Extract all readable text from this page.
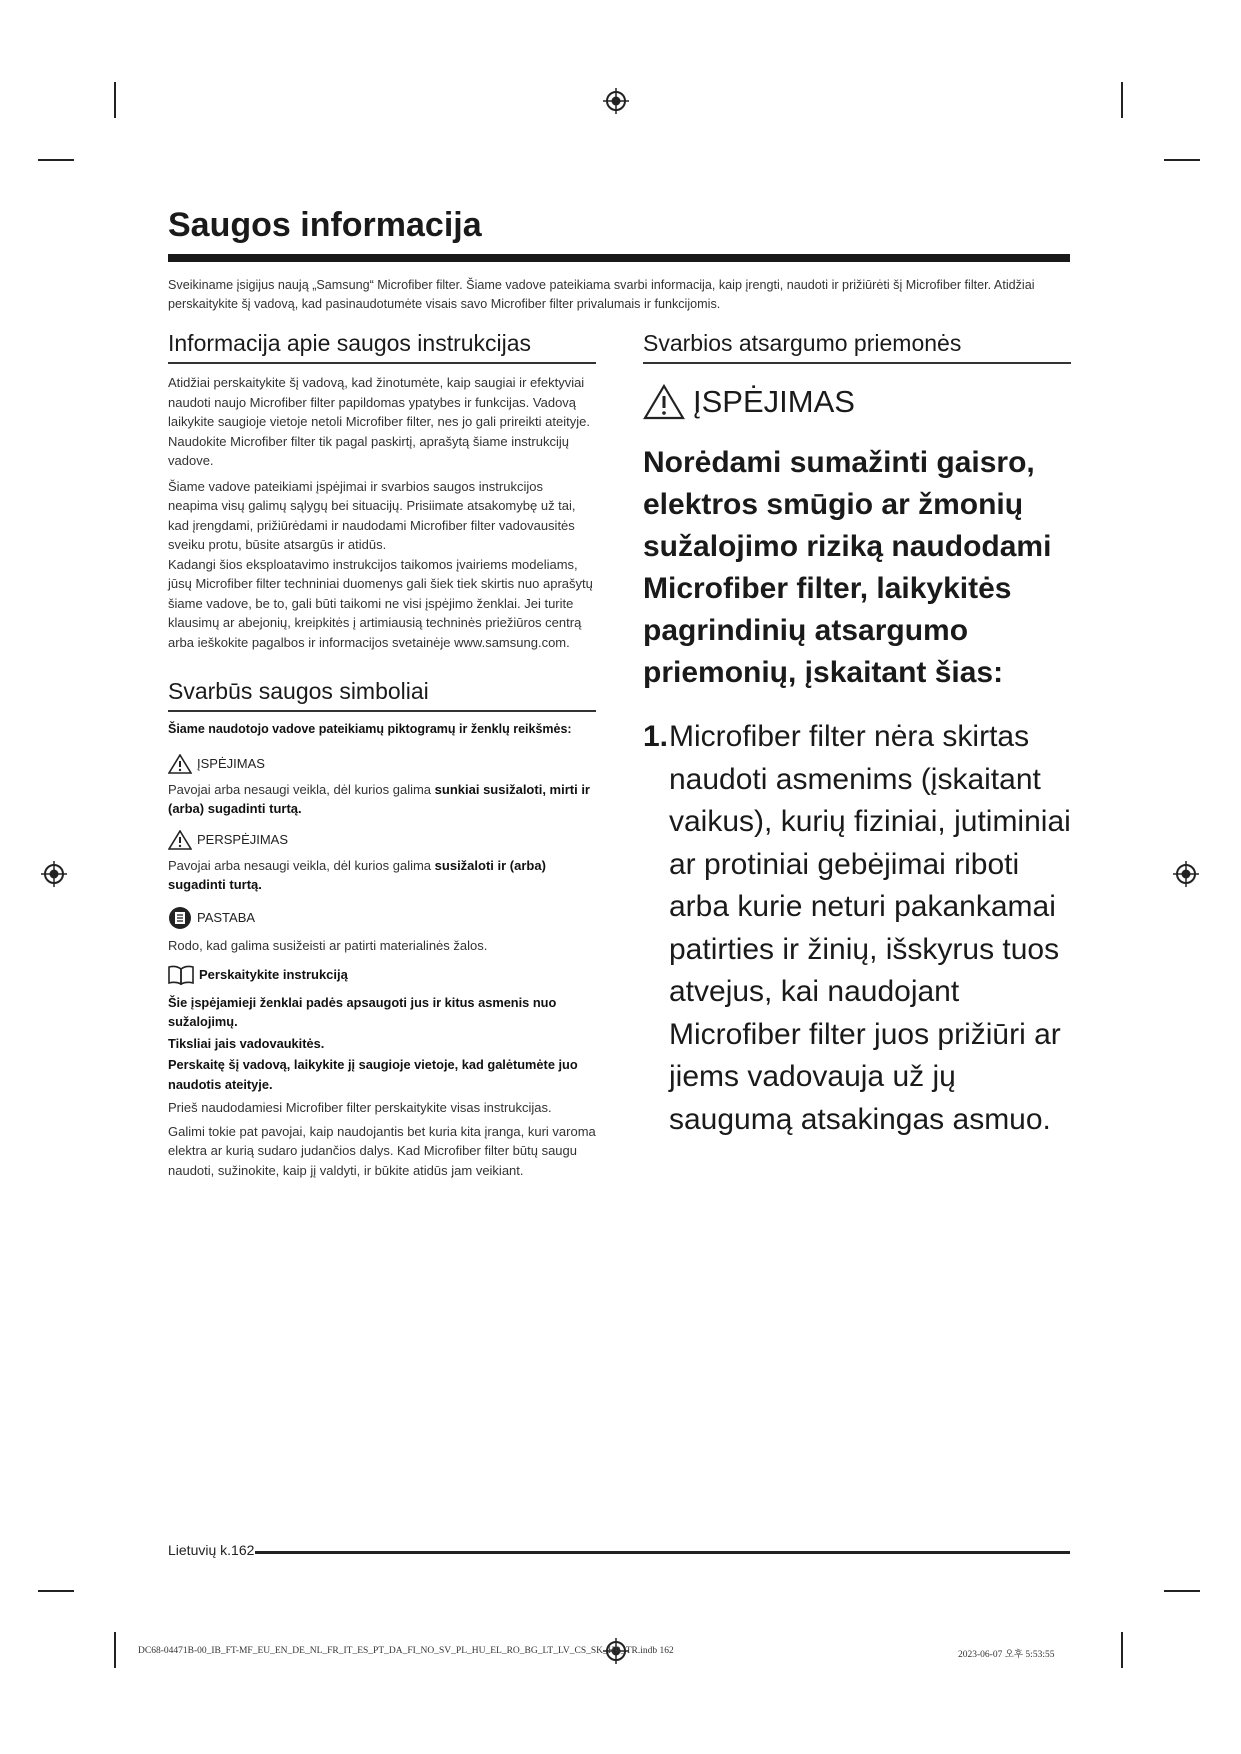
Saugos informacija

Sveikiname įsigijus naują „Samsung“ Microfiber filter. Šiame vadove pateikiama svarbi informacija, kaip įrengti, naudoti ir prižiūrėti šį Microfiber filter. Atidžiai perskaitykite šį vadovą, kad pasinaudotumėte visais savo Microfiber filter privalumais ir funkcijomis.

Informacija apie saugos instrukcijas

Atidžiai perskaitykite šį vadovą, kad žinotumėte, kaip saugiai ir efektyviai naudoti naujo Microfiber filter papildomas ypatybes ir funkcijas. Vadovą laikykite saugioje vietoje netoli Microfiber filter, nes jo gali prireikti ateityje. Naudokite Microfiber filter tik pagal paskirtį, aprašytą šiame instrukcijų vadove.

Šiame vadove pateikiami įspėjimai ir svarbios saugos instrukcijos neapima visų galimų sąlygų bei situacijų. Prisiimate atsakomybę už tai, kad įrengdami, prižiūrėdami ir naudodami Microfiber filter vadovausitės sveiku protu, būsite atsargūs ir atidūs.

Kadangi šios eksploatavimo instrukcijos taikomos įvairiems modeliams, jūsų Microfiber filter techniniai duomenys gali šiek tiek skirtis nuo aprašytų šiame vadove, be to, gali būti taikomi ne visi įspėjimo ženklai. Jei turite klausimų ar abejonių, kreipkitės į artimiausią techninės priežiūros centrą arba ieškokite pagalbos ir informacijos svetainėje www.samsung.com.

Svarbūs saugos simboliai

Šiame naudotojo vadove pateikiamų piktogramų ir ženklų reikšmės:

ĮSPĖJIMAS

Pavojai arba nesaugi veikla, dėl kurios galima sunkiai susižaloti, mirti ir (arba) sugadinti turtą.

PERSPĖJIMAS

Pavojai arba nesaugi veikla, dėl kurios galima susižaloti ir (arba) sugadinti turtą.

PASTABA

Rodo, kad galima susižeisti ar patirti materialinės žalos.

Perskaitykite instrukciją

Šie įspėjamieji ženklai padės apsaugoti jus ir kitus asmenis nuo sužalojimų.

Tiksliai jais vadovaukitės.

Perskaitę šį vadovą, laikykite jį saugioje vietoje, kad galėtumėte juo naudotis ateityje.

Prieš naudodamiesi Microfiber filter perskaitykite visas instrukcijas.

Galimi tokie pat pavojai, kaip naudojantis bet kuria kita įranga, kuri varoma elektra ar kurią sudaro judančios dalys. Kad Microfiber filter būtų saugu naudoti, sužinokite, kaip jį valdyti, ir būkite atidūs jam veikiant.

Svarbios atsargumo priemonės
ĮSPĖJIMAS

Norėdami sumažinti gaisro, elektros smūgio ar žmonių sužalojimo riziką naudodami Microfiber filter, laikykitės pagrindinių atsargumo priemonių, įskaitant šias:

1. Microfiber filter nėra skirtas naudoti asmenims (įskaitant vaikus), kurių fiziniai, jutiminiai ar protiniai gebėjimai riboti arba kurie neturi pakankamai patirties ir žinių, išskyrus tuos atvejus, kai naudojant Microfiber filter juos prižiūri ar jiems vadovauja už jų saugumą atsakingas asmuo.
Lietuvių k.162
DC68-04471B-00_IB_FT-MF_EU_EN_DE_NL_FR_IT_ES_PT_DA_FI_NO_SV_PL_HU_EL_RO_BG_LT_LV_CS_SK_HR_TR.indb 162	2023-06-07 오후 5:53:55
